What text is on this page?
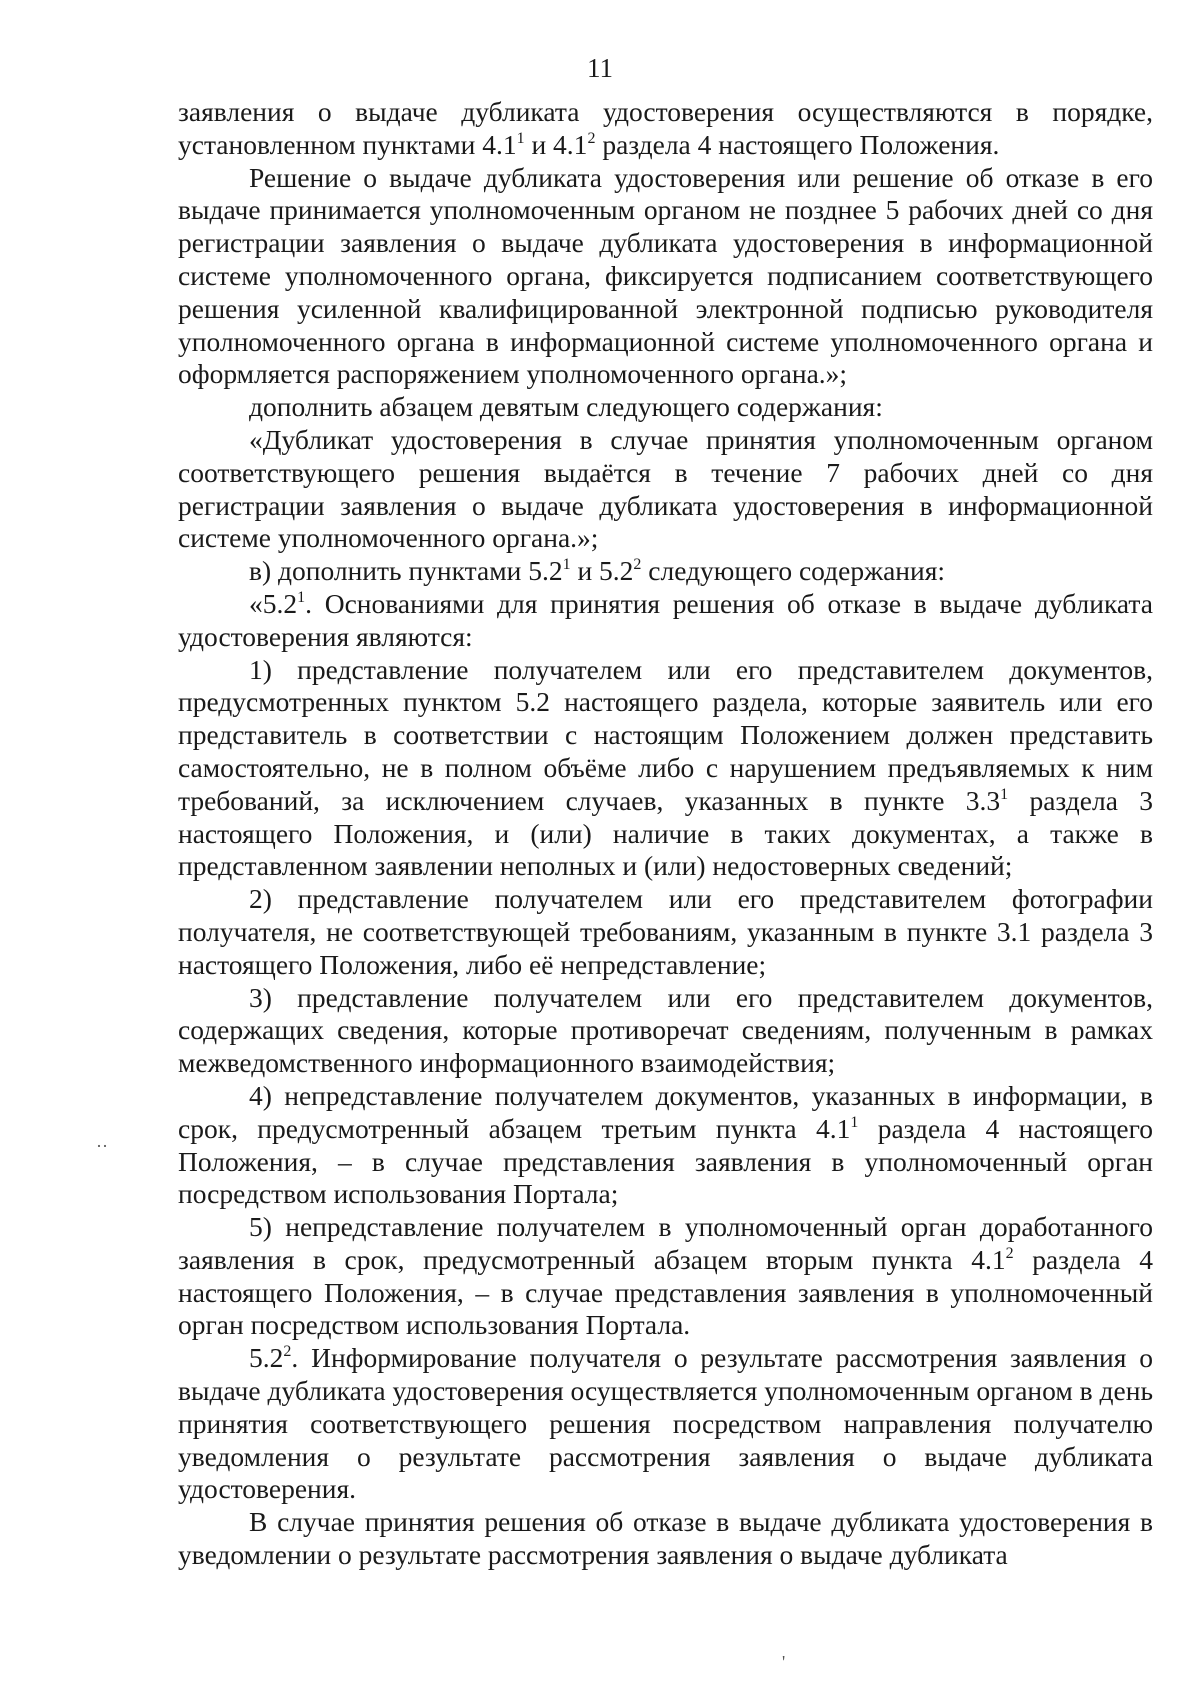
11

заявления о выдаче дубликата удостоверения осуществляются в порядке, установленном пунктами $4.1^1$ и $4.1^2$ раздела 4 настоящего Положения.

Решение о выдаче дубликата удостоверения или решение об отказе в его выдаче принимается уполномоченным органом не позднее 5 рабочих дней со дня регистрации заявления о выдаче дубликата удостоверения в информационной системе уполномоченного органа, фиксируется подписанием соответствующего решения усиленной квалифицированной электронной подписью руководителя уполномоченного органа в информационной системе уполномоченного органа и оформляется распоряжением уполномоченного органа.»;

дополнить абзацем девятым следующего содержания:

«Дубликат удостоверения в случае принятия уполномоченным органом соответствующего решения выдаётся в течение 7 рабочих дней со дня регистрации заявления о выдаче дубликата удостоверения в информационной системе уполномоченного органа.»;

в) дополнить пунктами $5.2^1$ и $5.2^2$ следующего содержания:

«$5.2^1$. Основаниями для принятия решения об отказе в выдаче дубликата удостоверения являются:

1) представление получателем или его представителем документов, предусмотренных пунктом 5.2 настоящего раздела, которые заявитель или его представитель в соответствии с настоящим Положением должен представить самостоятельно, не в полном объёме либо с нарушением предъявляемых к ним требований, за исключением случаев, указанных в пункте $3.3^1$ раздела 3 настоящего Положения, и (или) наличие в таких документах, а также в представленном заявлении неполных и (или) недостоверных сведений;

2) представление получателем или его представителем фотографии получателя, не соответствующей требованиям, указанным в пункте 3.1 раздела 3 настоящего Положения, либо её непредставление;

3) представление получателем или его представителем документов, содержащих сведения, которые противоречат сведениям, полученным в рамках межведомственного информационного взаимодействия;

4) непредставление получателем документов, указанных в информации, в срок, предусмотренный абзацем третьим пункта $4.1^1$ раздела 4 настоящего Положения, – в случае представления заявления в уполномоченный орган посредством использования Портала;

5) непредставление получателем в уполномоченный орган доработанного заявления в срок, предусмотренный абзацем вторым пункта $4.1^2$ раздела 4 настоящего Положения, – в случае представления заявления в уполномоченный орган посредством использования Портала.

$5.2^2$. Информирование получателя о результате рассмотрения заявления о выдаче дубликата удостоверения осуществляется уполномоченным органом в день принятия соответствующего решения посредством направления получателю уведомления о результате рассмотрения заявления о выдаче дубликата удостоверения.

В случае принятия решения об отказе в выдаче дубликата удостоверения в уведомлении о результате рассмотрения заявления о выдаче дубликата

··
'
